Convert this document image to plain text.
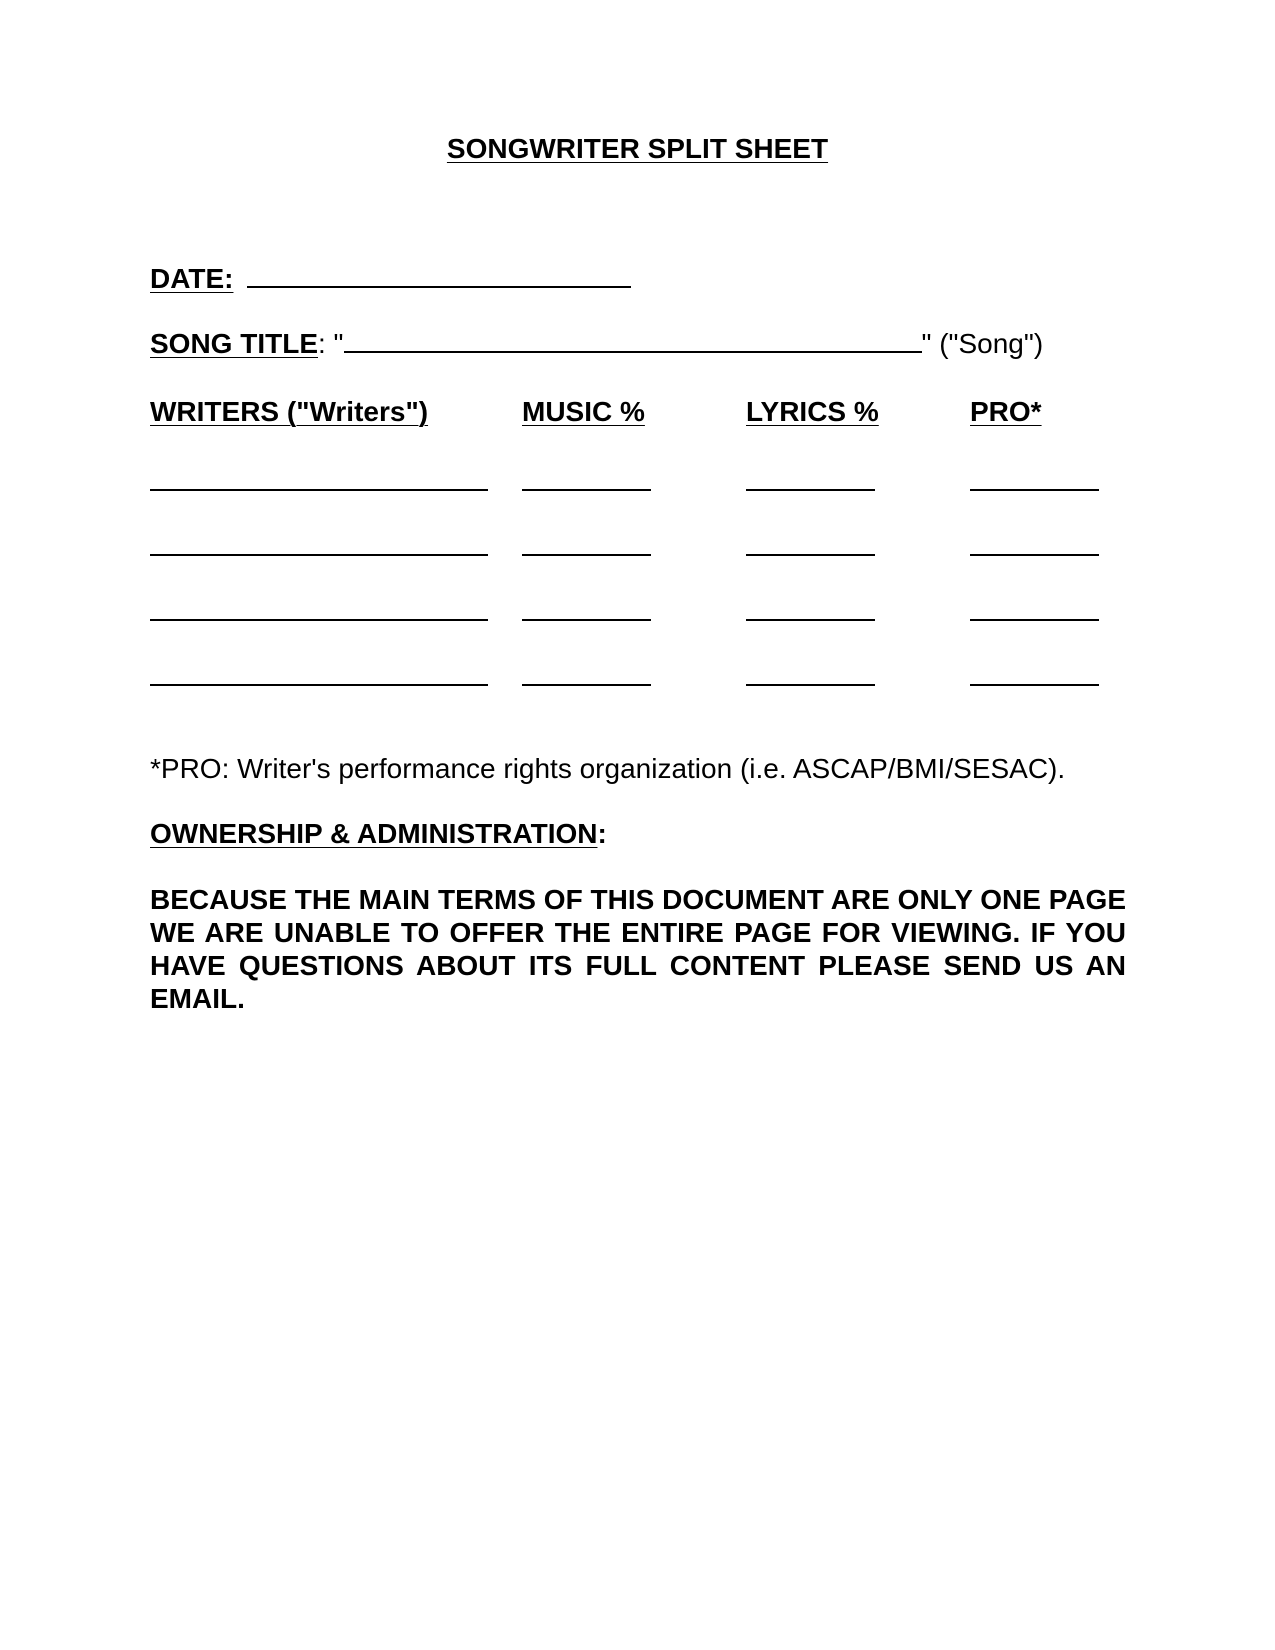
SONGWRITER SPLIT SHEET
DATE:
SONG TITLE: "	" ("Song")
WRITERS ("Writers")	MUSIC %	LYRICS %	PRO*
*PRO: Writer's performance rights organization (i.e. ASCAP/BMI/SESAC).
OWNERSHIP & ADMINISTRATION:
BECAUSE THE MAIN TERMS OF THIS DOCUMENT ARE ONLY ONE PAGE WE ARE UNABLE TO OFFER THE ENTIRE PAGE FOR VIEWING. IF YOU HAVE QUESTIONS ABOUT ITS FULL CONTENT PLEASE SEND US AN EMAIL.
